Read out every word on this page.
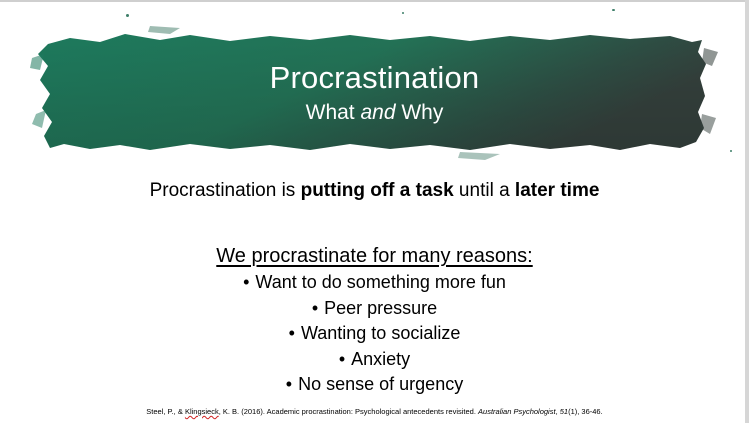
Procrastination
What and Why
Procrastination is putting off a task until a later time
We procrastinate for many reasons:
• Want to do something more fun
• Peer pressure
• Wanting to socialize
• Anxiety
• No sense of urgency
Steel, P., & Klingsieck, K. B. (2016). Academic procrastination: Psychological antecedents revisited. Australian Psychologist, 51(1), 36-46.
